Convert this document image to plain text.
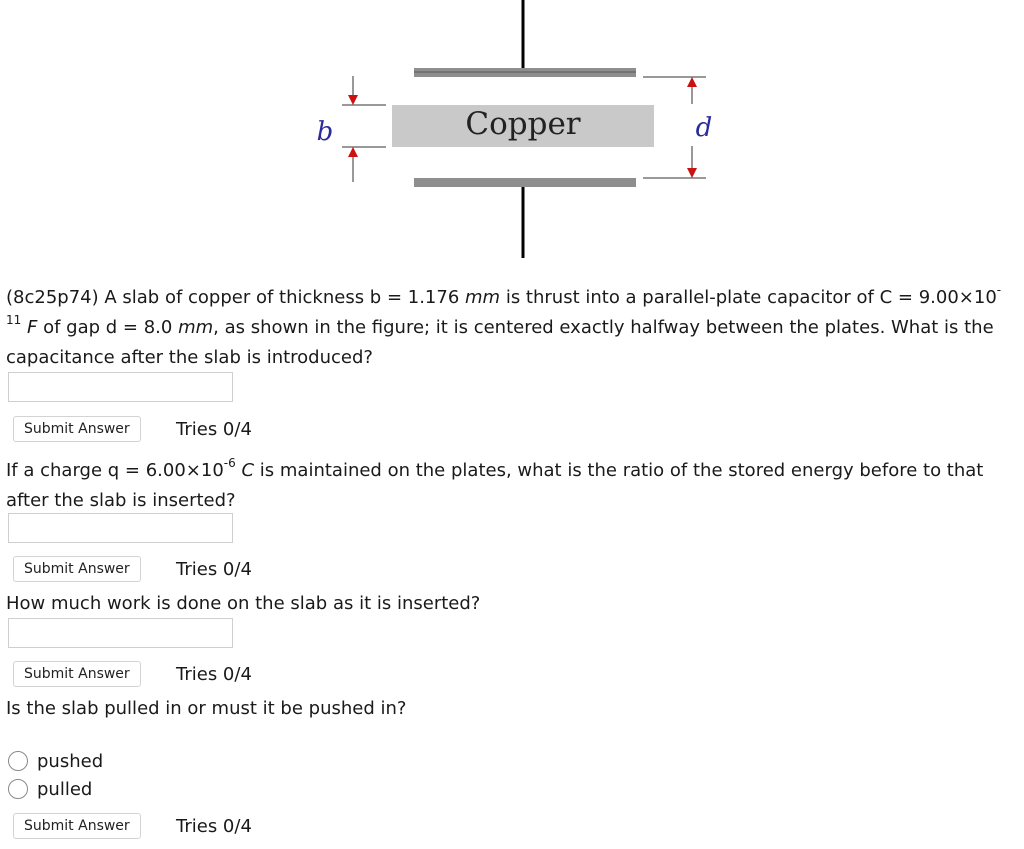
Copper
b	d

(8c25p74) A slab of copper of thickness b = 1.176 mm is thrust into a parallel-plate capacitor of $C = 9.00\times 10^{-11}$ F of gap d = 8.0 mm, as shown in the figure; it is centered exactly halfway between the plates. What is the capacitance after the slab is introduced?

Submit Answer	Tries 0/4

If a charge $q = 6.00\times 10^{-6}$ C is maintained on the plates, what is the ratio of the stored energy before to that after the slab is inserted?

Submit Answer	Tries 0/4

How much work is done on the slab as it is inserted?

Submit Answer	Tries 0/4

Is the slab pulled in or must it be pushed in?

pushed
pulled
Submit Answer	Tries 0/4
